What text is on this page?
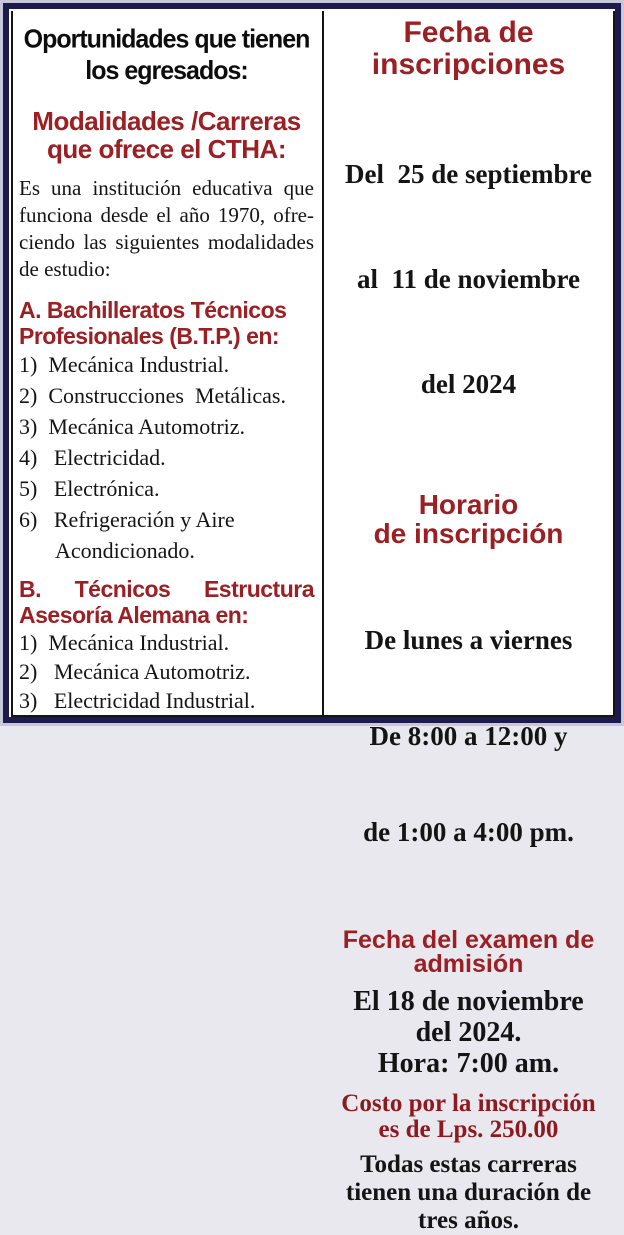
Oportunidades que tienen
los egresados:
Modalidades /Carreras
que ofrece el CTHA:
Es una institución educativa que
funciona desde el año 1970, ofre-
ciendo las siguientes modalidades
de estudio:
A. Bachilleratos Técnicos
Profesionales (B.T.P.) en:
1)  Mecánica Industrial.
2)  Construcciones  Metálicas.
3)  Mecánica Automotriz.
4)   Electricidad.
5)   Electrónica.
6)   Refrigeración y Aire
Acondicionado.
B. Técnicos Estructura
Asesoría Alemana en:
1)  Mecánica Industrial.
2)   Mecánica Automotriz.
3)   Electricidad Industrial.
Fecha de
inscripciones

Del  25 de septiembre

al  11 de noviembre

del 2024

Horario
de inscripción

De lunes a viernes

De 8:00 a 12:00 y

de 1:00 a 4:00 pm.

Fecha del examen de
admisión
El 18 de noviembre
del 2024.
Hora: 7:00 am.
Costo por la inscripción
es de Lps. 250.00
Todas estas carreras
tienen una duración de
tres años.
